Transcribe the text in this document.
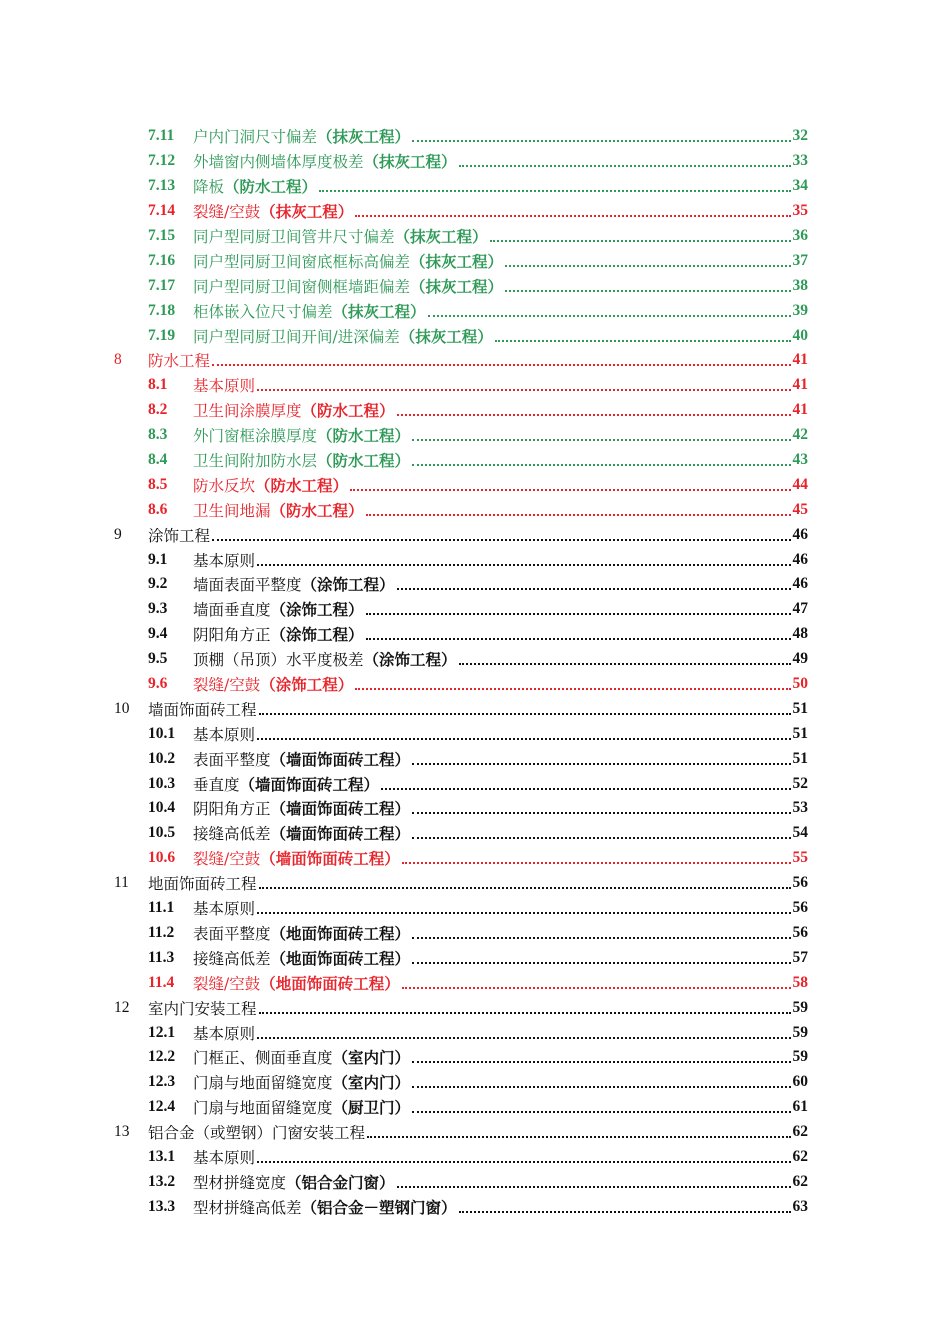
7.11 户内门洞尺寸偏差（抹灰工程）	32
7.12 外墙窗内侧墙体厚度极差（抹灰工程）	33
7.13 降板（防水工程）	34
7.14 裂缝/空鼓（抹灰工程）	35
7.15 同户型同厨卫间管井尺寸偏差（抹灰工程）	36
7.16 同户型同厨卫间窗底框标高偏差（抹灰工程）	37
7.17 同户型同厨卫间窗侧框墙距偏差（抹灰工程）	38
7.18 柜体嵌入位尺寸偏差（抹灰工程）	39
7.19 同户型同厨卫间开间/进深偏差（抹灰工程）	40
8 防水工程	41
8.1 基本原则	41
8.2 卫生间涂膜厚度（防水工程）	41
8.3 外门窗框涂膜厚度（防水工程）	42
8.4 卫生间附加防水层（防水工程）	43
8.5 防水反坎（防水工程）	44
8.6 卫生间地漏（防水工程）	45
9 涂饰工程	46
9.1 基本原则	46
9.2 墙面表面平整度（涂饰工程）	46
9.3 墙面垂直度（涂饰工程）	47
9.4 阴阳角方正（涂饰工程）	48
9.5 顶棚（吊顶）水平度极差（涂饰工程）	49
9.6 裂缝/空鼓（涂饰工程）	50
10 墙面饰面砖工程	51
10.1 基本原则	51
10.2 表面平整度（墙面饰面砖工程）	51
10.3 垂直度（墙面饰面砖工程）	52
10.4 阴阳角方正（墙面饰面砖工程）	53
10.5 接缝高低差（墙面饰面砖工程）	54
10.6 裂缝/空鼓（墙面饰面砖工程）	55
11 地面饰面砖工程	56
11.1 基本原则	56
11.2 表面平整度（地面饰面砖工程）	56
11.3 接缝高低差（地面饰面砖工程）	57
11.4 裂缝/空鼓（地面饰面砖工程）	58
12 室内门安装工程	59
12.1 基本原则	59
12.2 门框正、侧面垂直度（室内门）	59
12.3 门扇与地面留缝宽度（室内门）	60
12.4 门扇与地面留缝宽度（厨卫门）	61
13 铝合金（或塑钢）门窗安装工程	62
13.1 基本原则	62
13.2 型材拼缝宽度（铝合金门窗）	62
13.3 型材拼缝高低差（铝合金－塑钢门窗）	63
